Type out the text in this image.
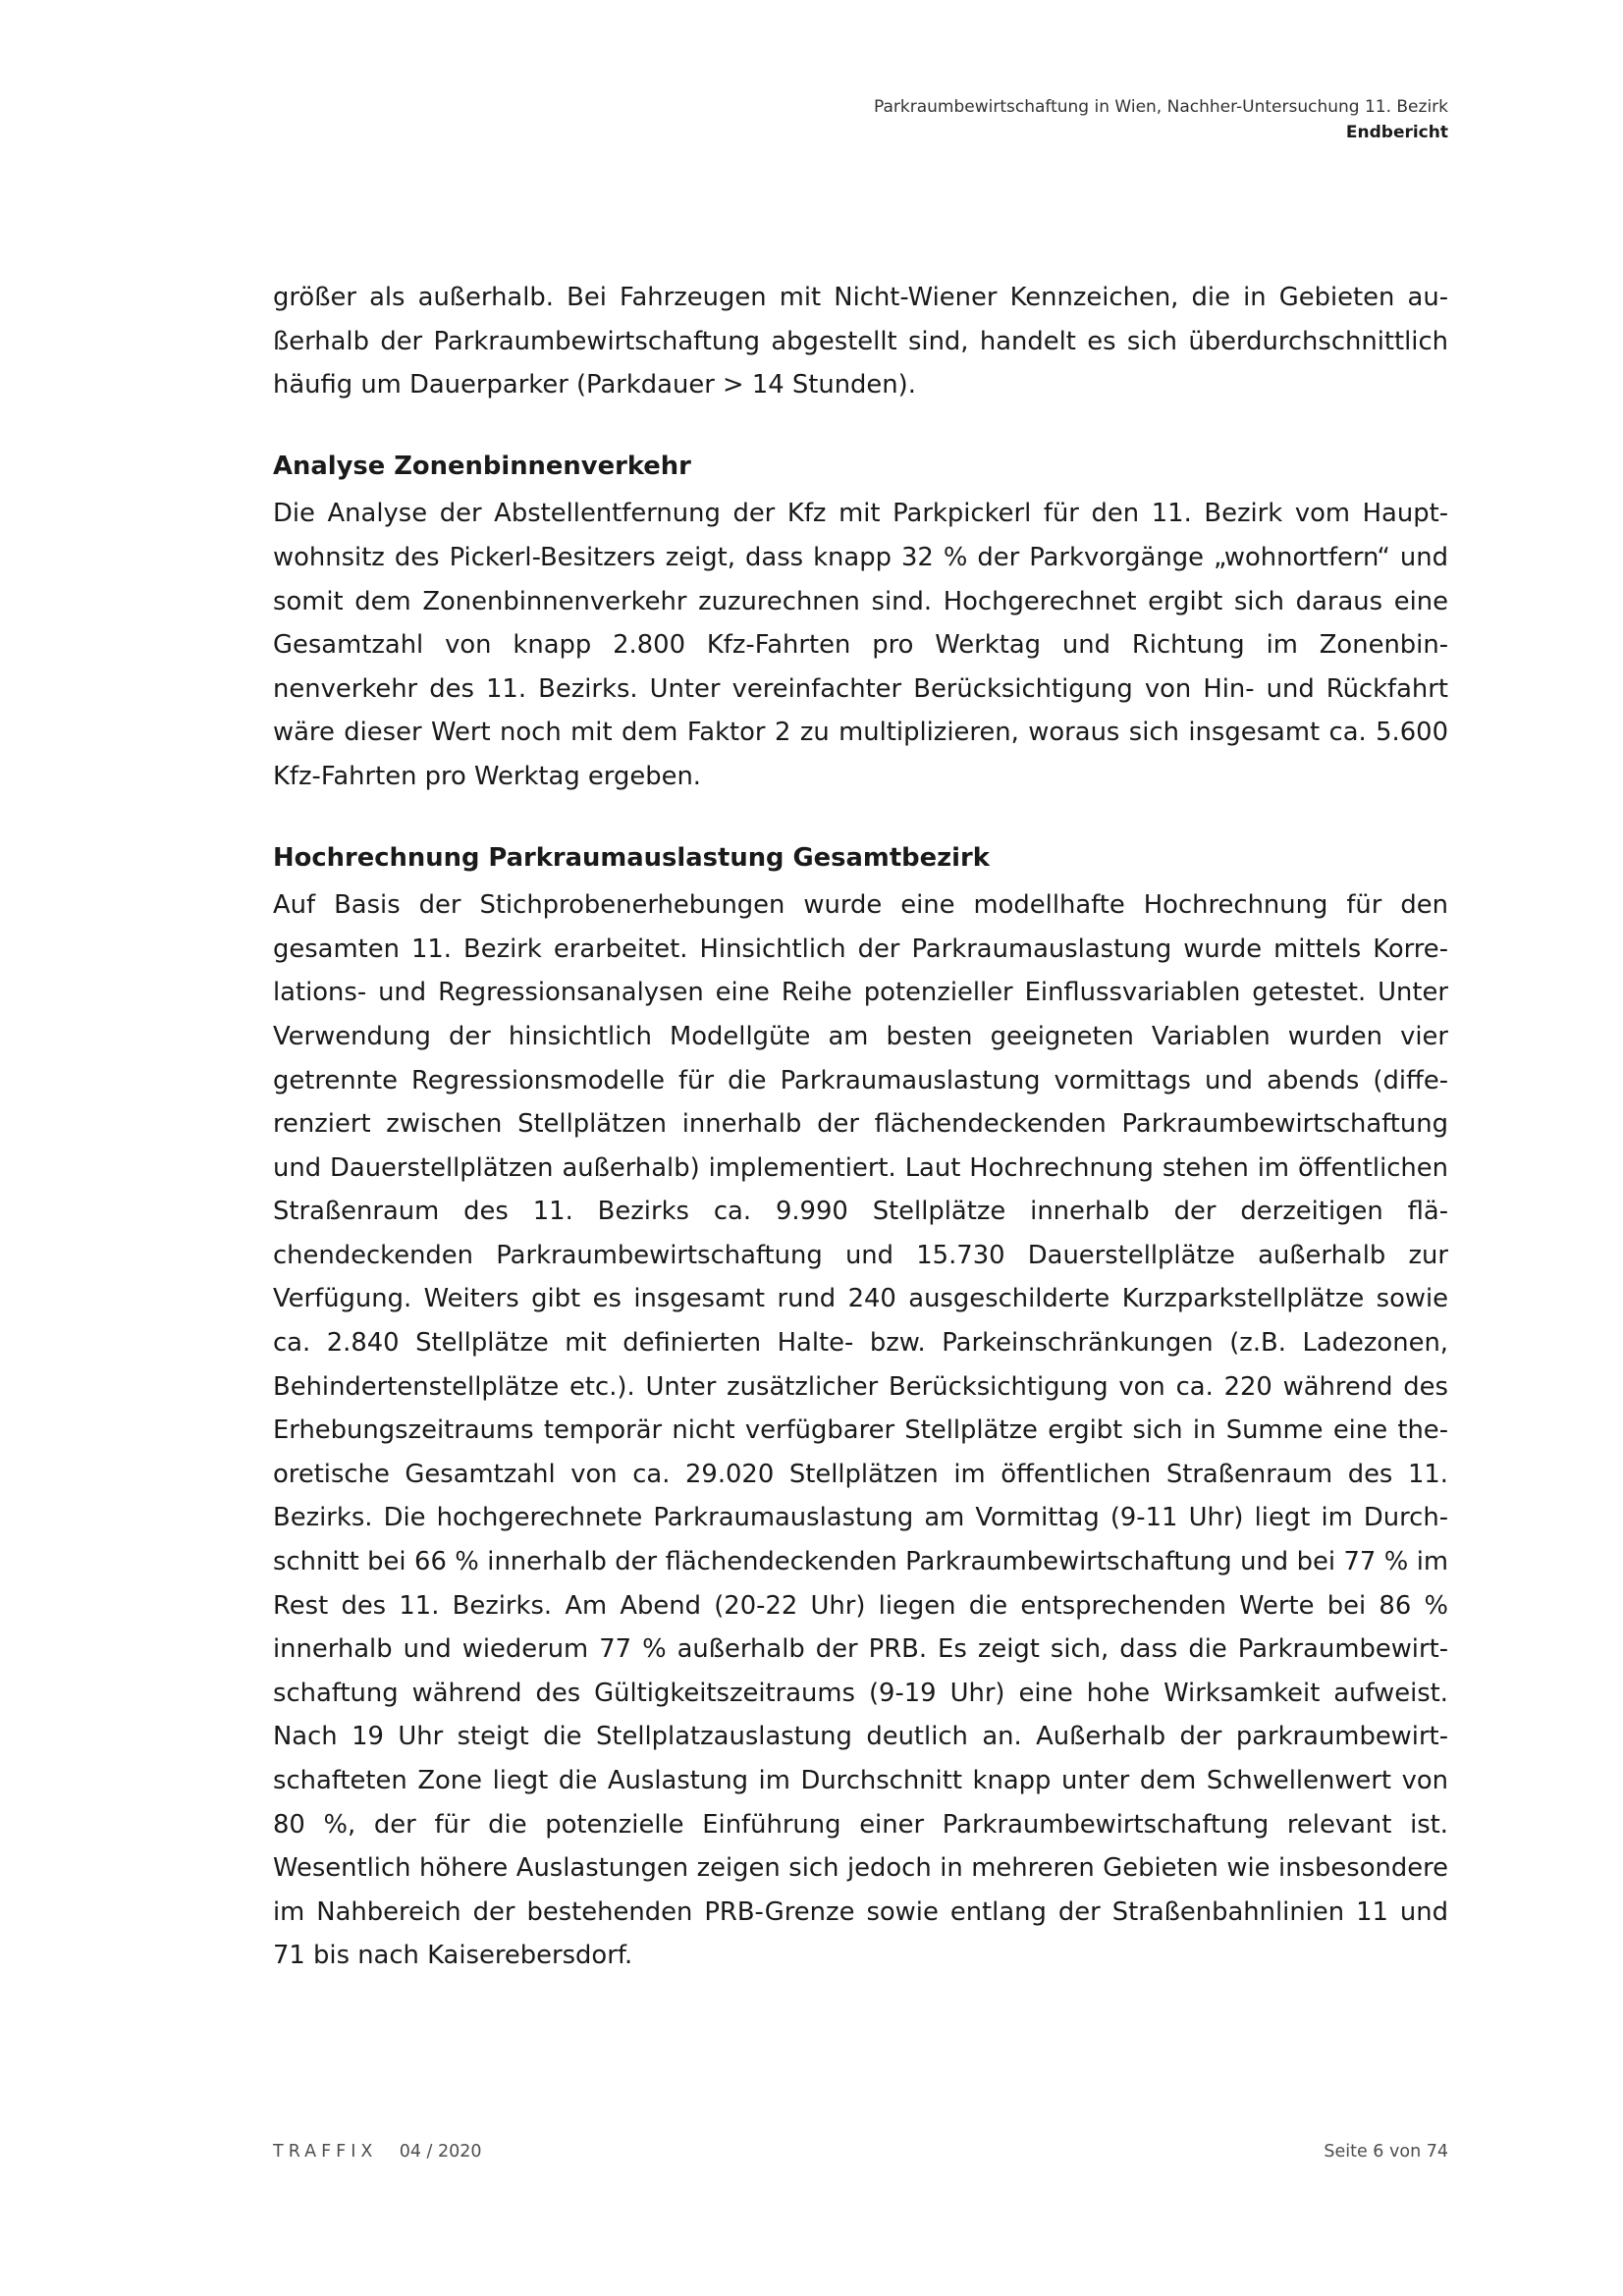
Parkraumbewirtschaftung in Wien, Nachher-Untersuchung 11. Bezirk
Endbericht

größer als außerhalb. Bei Fahrzeugen mit Nicht-Wiener Kennzeichen, die in Gebieten außerhalb der Parkraumbewirtschaftung abgestellt sind, handelt es sich überdurchschnittlich häufig um Dauerparker (Parkdauer > 14 Stunden).

Analyse Zonenbinnenverkehr

Die Analyse der Abstellentfernung der Kfz mit Parkpickerl für den 11. Bezirk vom Hauptwohnsitz des Pickerl-Besitzers zeigt, dass knapp 32 % der Parkvorgänge „wohnortfern“ und somit dem Zonenbinnenverkehr zuzurechnen sind. Hochgerechnet ergibt sich daraus eine Gesamtzahl von knapp 2.800 Kfz-Fahrten pro Werktag und Richtung im Zonenbinnenverkehr des 11. Bezirks. Unter vereinfachter Berücksichtigung von Hin- und Rückfahrt wäre dieser Wert noch mit dem Faktor 2 zu multiplizieren, woraus sich insgesamt ca. 5.600 Kfz-Fahrten pro Werktag ergeben.

Hochrechnung Parkraumauslastung Gesamtbezirk

Auf Basis der Stichprobenerhebungen wurde eine modellhafte Hochrechnung für den gesamten 11. Bezirk erarbeitet. Hinsichtlich der Parkraumauslastung wurde mittels Korrelations- und Regressionsanalysen eine Reihe potenzieller Einflussvariablen getestet. Unter Verwendung der hinsichtlich Modellgüte am besten geeigneten Variablen wurden vier getrennte Regressionsmodelle für die Parkraumauslastung vormittags und abends (differenziert zwischen Stellplätzen innerhalb der flächendeckenden Parkraumbewirtschaftung und Dauerstellplätzen außerhalb) implementiert. Laut Hochrechnung stehen im öffentlichen Straßenraum des 11. Bezirks ca. 9.990 Stellplätze innerhalb der derzeitigen flächendeckenden Parkraumbewirtschaftung und 15.730 Dauerstellplätze außerhalb zur Verfügung. Weiters gibt es insgesamt rund 240 ausgeschilderte Kurzparkstellplätze sowie ca. 2.840 Stellplätze mit definierten Halte- bzw. Parkeinschränkungen (z.B. Ladezonen, Behindertenstellplätze etc.). Unter zusätzlicher Berücksichtigung von ca. 220 während des Erhebungszeitraums temporär nicht verfügbarer Stellplätze ergibt sich in Summe eine theoretische Gesamtzahl von ca. 29.020 Stellplätzen im öffentlichen Straßenraum des 11. Bezirks. Die hochgerechnete Parkraumauslastung am Vormittag (9-11 Uhr) liegt im Durchschnitt bei 66 % innerhalb der flächendeckenden Parkraumbewirtschaftung und bei 77 % im Rest des 11. Bezirks. Am Abend (20-22 Uhr) liegen die entsprechenden Werte bei 86 % innerhalb und wiederum 77 % außerhalb der PRB. Es zeigt sich, dass die Parkraumbewirtschaftung während des Gültigkeitszeitraums (9-19 Uhr) eine hohe Wirksamkeit aufweist. Nach 19 Uhr steigt die Stellplatzauslastung deutlich an. Außerhalb der parkraumbewirtschafteten Zone liegt die Auslastung im Durchschnitt knapp unter dem Schwellenwert von 80 %, der für die potenzielle Einführung einer Parkraumbewirtschaftung relevant ist. Wesentlich höhere Auslastungen zeigen sich jedoch in mehreren Gebieten wie insbesondere im Nahbereich der bestehenden PRB-Grenze sowie entlang der Straßenbahnlinien 11 und 71 bis nach Kaiserebersdorf.

TRAFFIX 04 / 2020	Seite 6 von 74
